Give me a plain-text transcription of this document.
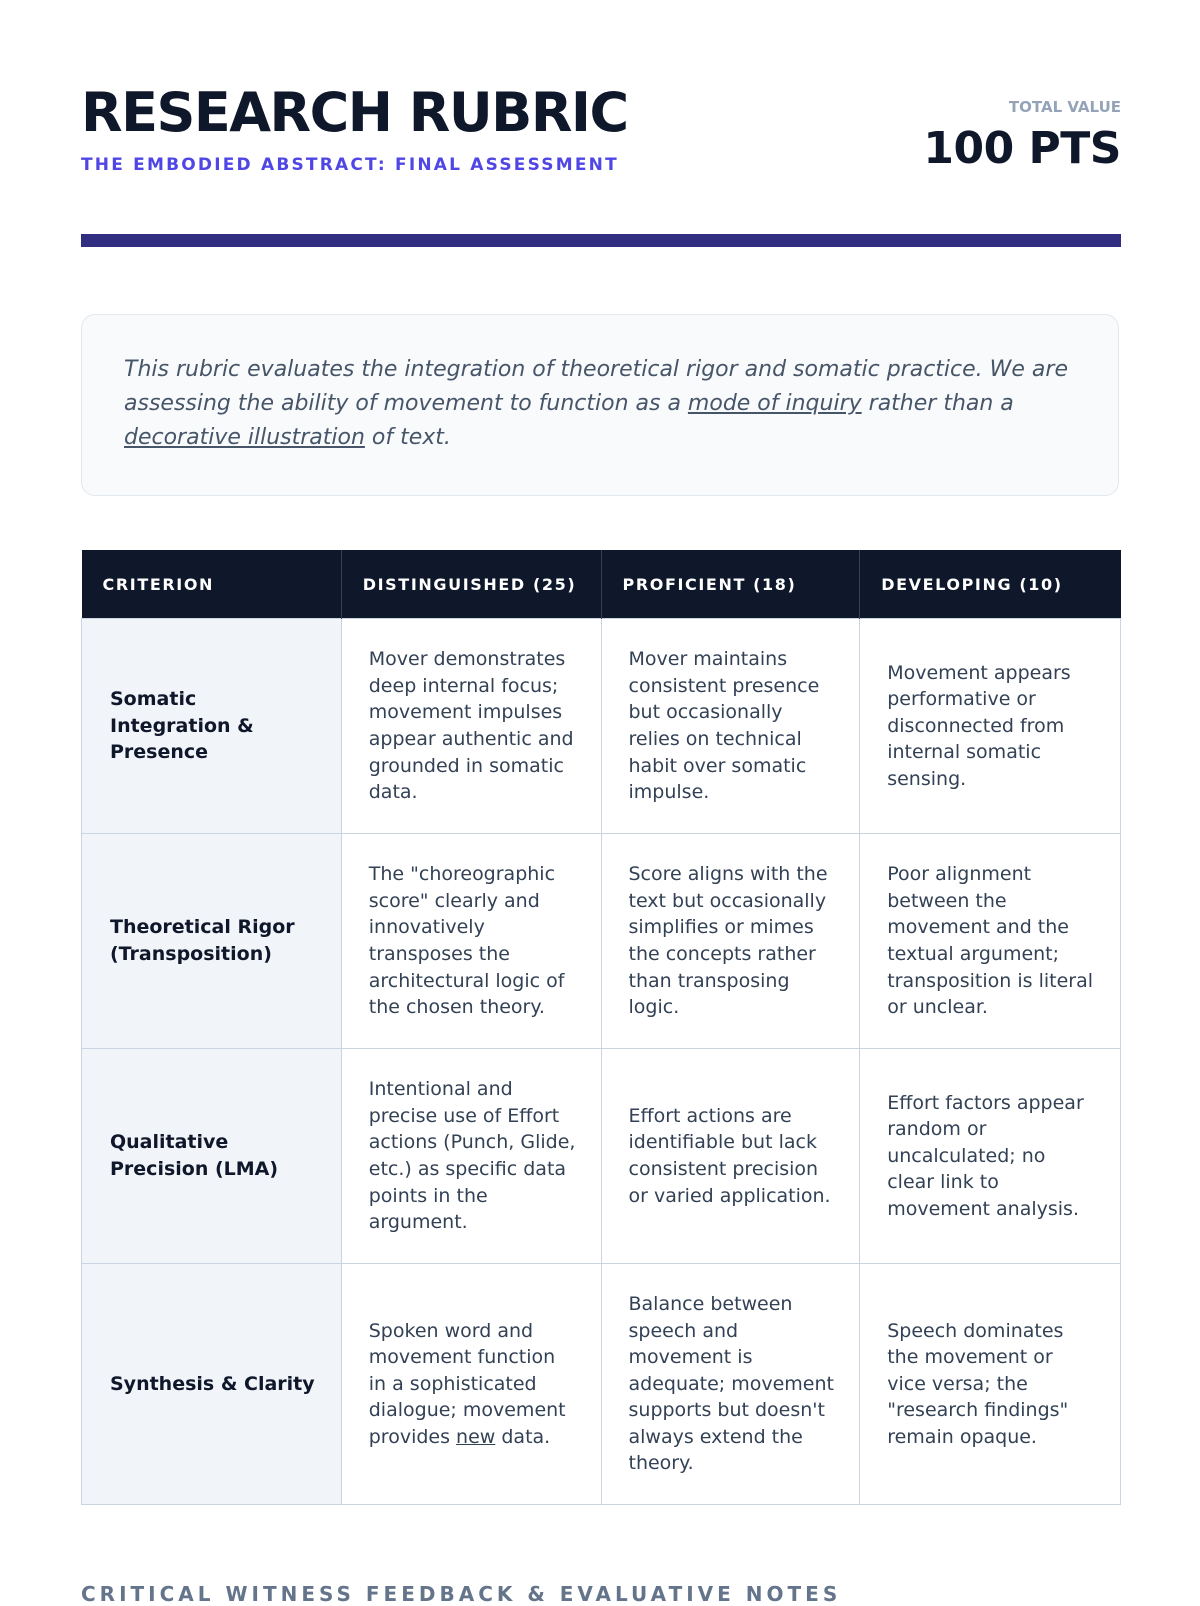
RESEARCH RUBRIC
THE EMBODIED ABSTRACT: FINAL ASSESSMENT
TOTAL VALUE
100 PTS
This rubric evaluates the integration of theoretical rigor and somatic practice. We are assessing the ability of movement to function as a mode of inquiry rather than a decorative illustration of text.
CRITERION	DISTINGUISHED (25)	PROFICIENT (18)	DEVELOPING (10)
Somatic Integration & Presence	Mover demonstrates deep internal focus; movement impulses appear authentic and grounded in somatic data.	Mover maintains consistent presence but occasionally relies on technical habit over somatic impulse.	Movement appears performative or disconnected from internal somatic sensing.
Theoretical Rigor (Transposition)	The "choreographic score" clearly and innovatively transposes the architectural logic of the chosen theory.	Score aligns with the text but occasionally simplifies or mimes the concepts rather than transposing logic.	Poor alignment between the movement and the textual argument; transposition is literal or unclear.
Qualitative Precision (LMA)	Intentional and precise use of Effort actions (Punch, Glide, etc.) as specific data points in the argument.	Effort actions are identifiable but lack consistent precision or varied application.	Effort factors appear random or uncalculated; no clear link to movement analysis.
Synthesis & Clarity	Spoken word and movement function in a sophisticated dialogue; movement provides new data.	Balance between speech and movement is adequate; movement supports but doesn't always extend the theory.	Speech dominates the movement or vice versa; the "research findings" remain opaque.
CRITICAL WITNESS FEEDBACK & EVALUATIVE NOTES
